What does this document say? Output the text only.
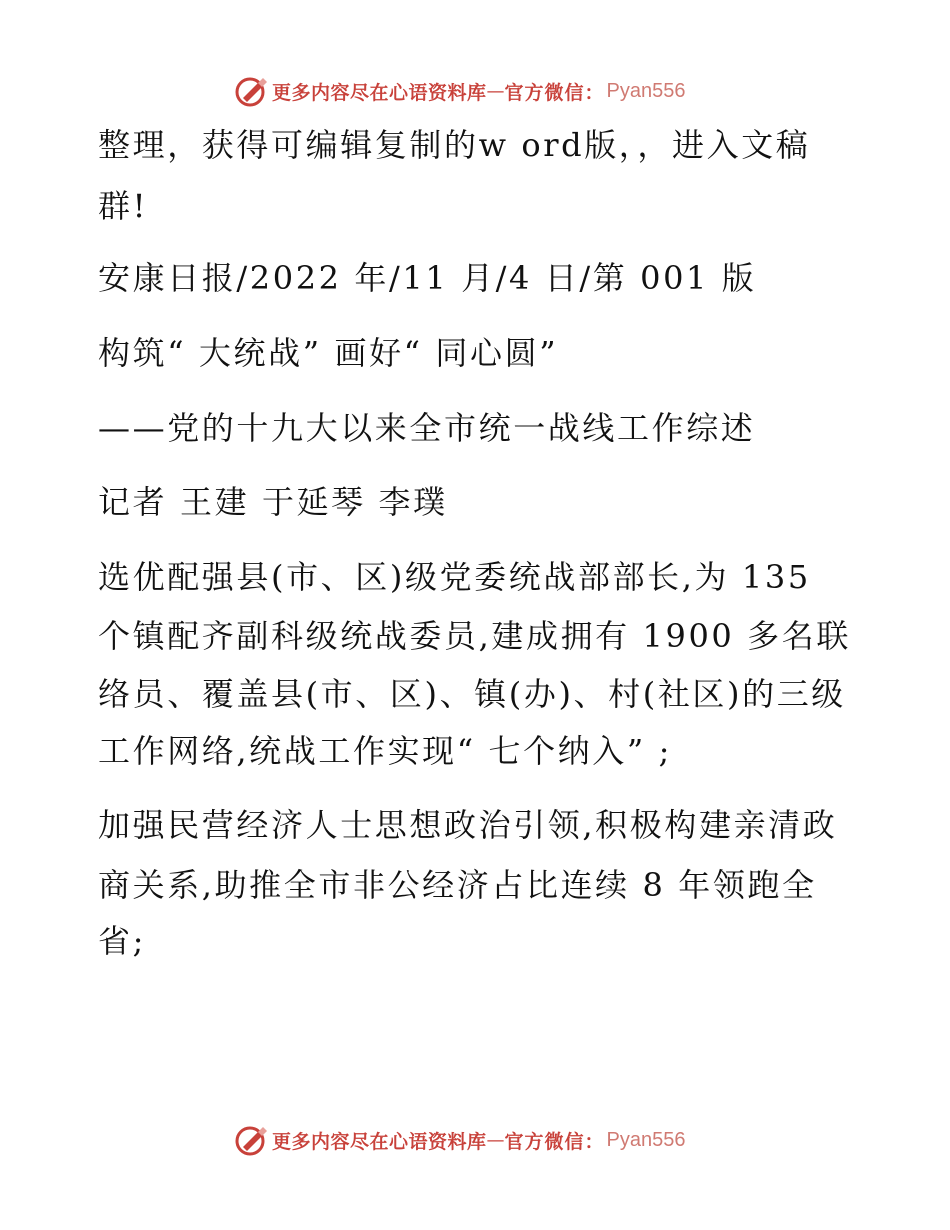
更多内容尽在心语资料库 — 官方微信： Pyan556
整理，获得可编辑复制的w ord版，，进入文稿
群!
安康日报/2022 年/11 月/4 日/第 001 版
构筑“ 大统战” 画好“ 同心圆”
——党的十九大以来全市统一战线工作综述
记者 王建 于延琴 李璞
选优配强县(市、区)级党委统战部部长,为 135
个镇配齐副科级统战委员,建成拥有 1900 多名联
络员、覆盖县(市、区)、镇(办)、村(社区)的三级
工作网络,统战工作实现“ 七个纳入” ;
加强民营经济人士思想政治引领,积极构建亲清政
商关系,助推全市非公经济占比连续 8 年领跑全
省;
更多内容尽在心语资料库 — 官方微信： Pyan556
